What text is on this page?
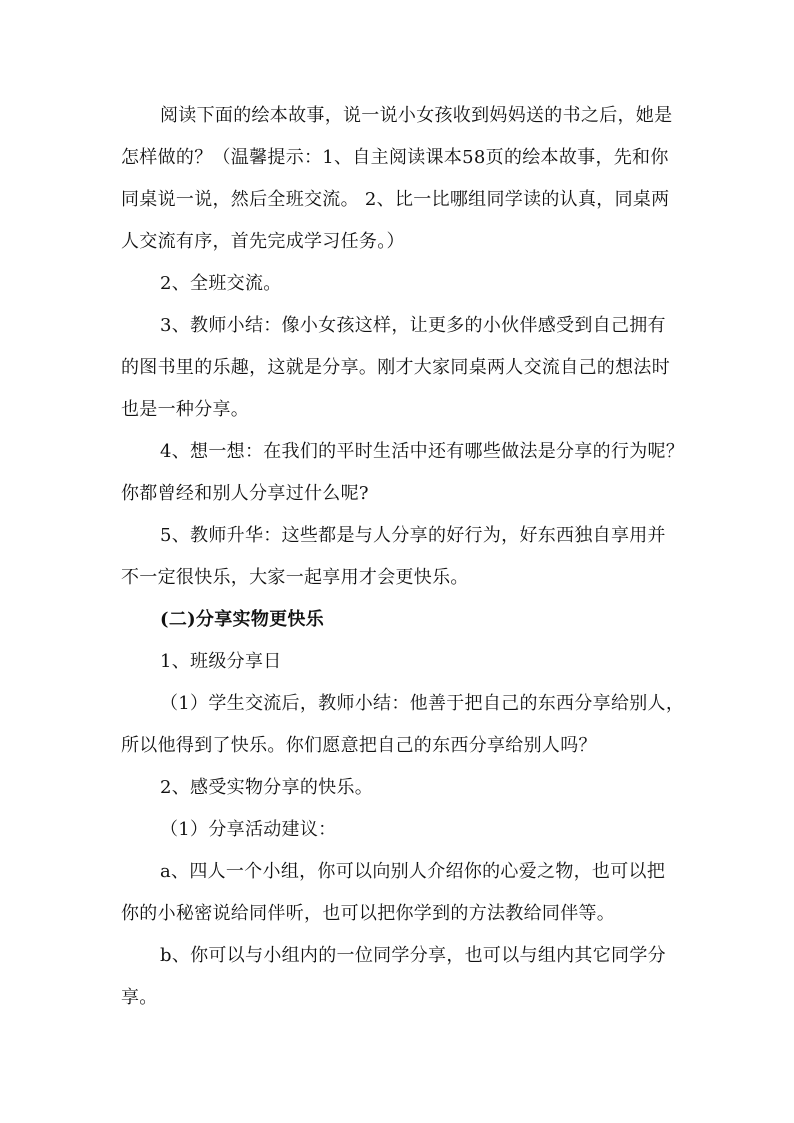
阅读下面的绘本故事，说一说小女孩收到妈妈送的书之后，她是
怎样做的？（温馨提示：1、自主阅读课本58页的绘本故事，先和你
同桌说一说，然后全班交流。 2、比一比哪组同学读的认真，同桌两
人交流有序，首先完成学习任务。）
2、全班交流。
3、教师小结：像小女孩这样，让更多的小伙伴感受到自己拥有
的图书里的乐趣，这就是分享。刚才大家同桌两人交流自己的想法时
也是一种分享。
4、想一想：在我们的平时生活中还有哪些做法是分享的行为呢？
你都曾经和别人分享过什么呢?
5、教师升华：这些都是与人分享的好行为，好东西独自享用并
不一定很快乐，大家一起享用才会更快乐。
(二)分享实物更快乐
1、班级分享日
（1）学生交流后，教师小结：他善于把自己的东西分享给别人，
所以他得到了快乐。你们愿意把自己的东西分享给别人吗？
2、感受实物分享的快乐。
（1）分享活动建议：
a、四人一个小组，你可以向别人介绍你的心爱之物，也可以把
你的小秘密说给同伴听，也可以把你学到的方法教给同伴等。
b、你可以与小组内的一位同学分享，也可以与组内其它同学分
享。
